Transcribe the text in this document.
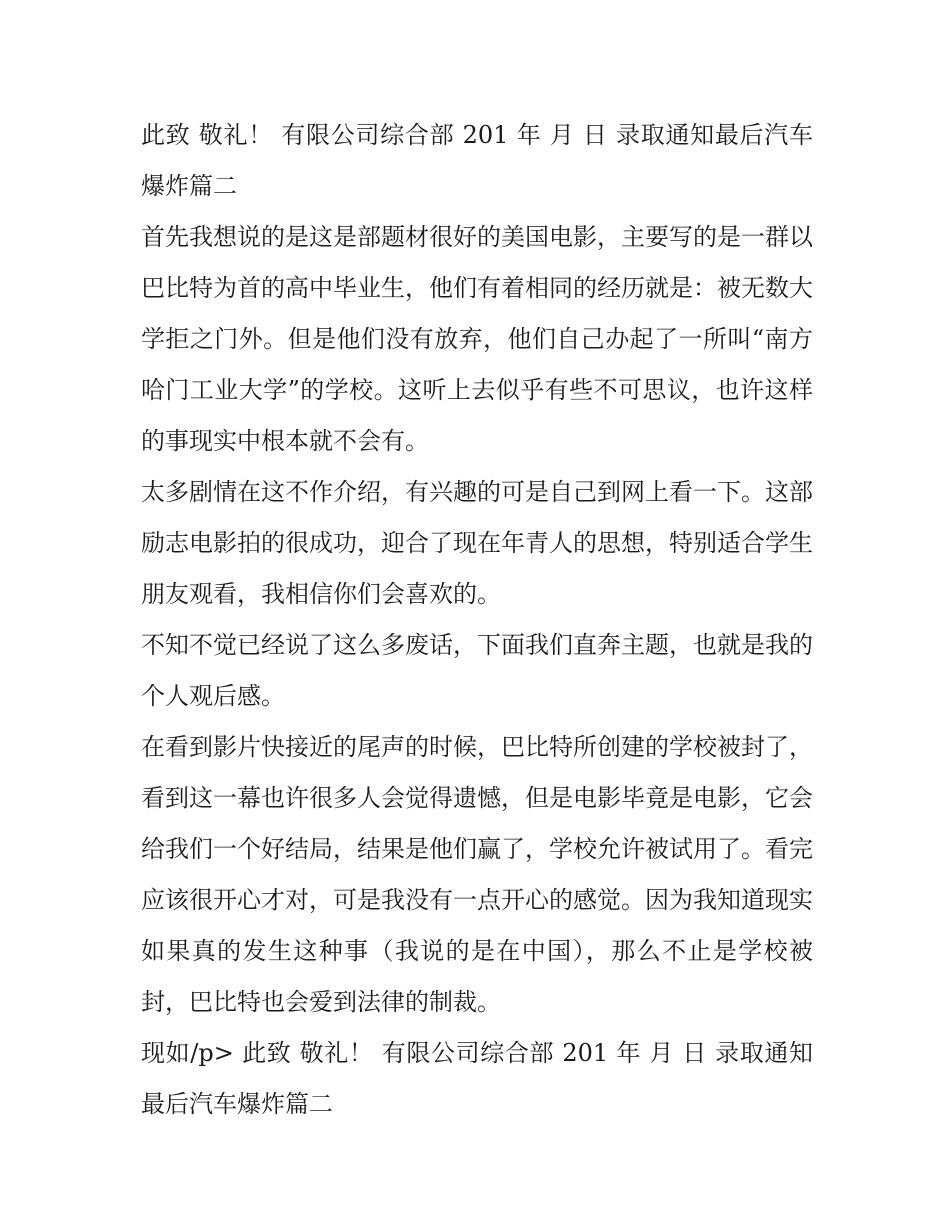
此致 敬礼！ 有限公司综合部 201 年 月 日 录取通知最后汽车爆炸篇二

首先我想说的是这是部题材很好的美国电影，主要写的是一群以巴比特为首的高中毕业生，他们有着相同的经历就是：被无数大学拒之门外。但是他们没有放弃，他们自己办起了一所叫“南方哈门工业大学”的学校。这听上去似乎有些不可思议，也许这样的事现实中根本就不会有。

太多剧情在这不作介绍，有兴趣的可是自己到网上看一下。这部励志电影拍的很成功，迎合了现在年青人的思想，特别适合学生朋友观看，我相信你们会喜欢的。

不知不觉已经说了这么多废话，下面我们直奔主题，也就是我的个人观后感。

在看到影片快接近的尾声的时候，巴比特所创建的学校被封了，看到这一幕也许很多人会觉得遗憾，但是电影毕竟是电影，它会给我们一个好结局，结果是他们赢了，学校允许被试用了。看完应该很开心才对，可是我没有一点开心的感觉。因为我知道现实如果真的发生这种事（我说的是在中国），那么不止是学校被封，巴比特也会爱到法律的制裁。

现如/p> 此致 敬礼！ 有限公司综合部 201 年 月 日 录取通知最后汽车爆炸篇二
